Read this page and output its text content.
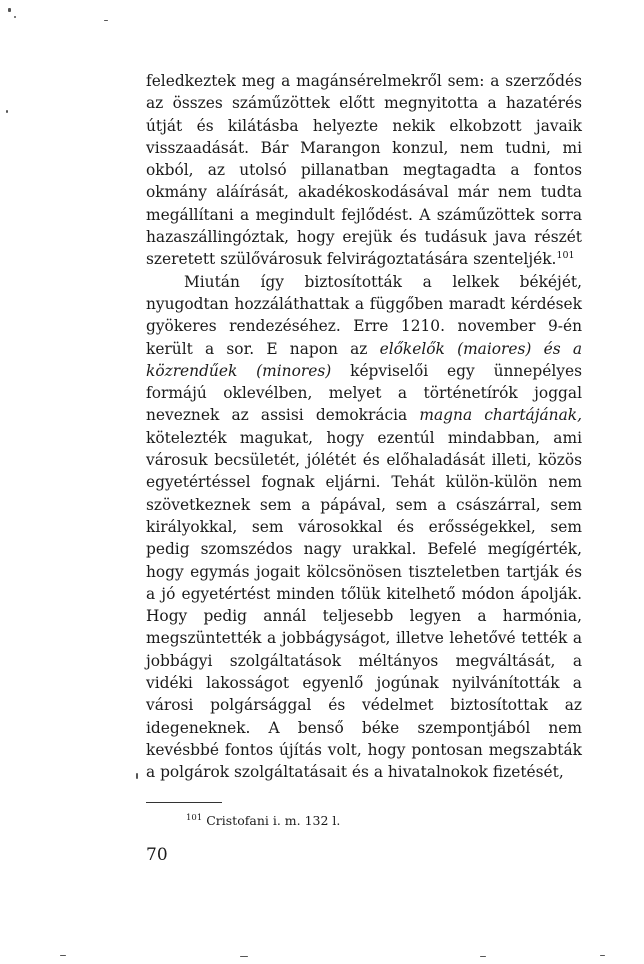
feledkeztek meg a magánsérelmekről sem: a szerződés az összes száműzöttek előtt megnyitotta a hazatérés útját és kilátásba helyezte nekik elkobzott javaik visszaadását. Bár Marangon konzul, nem tudni, mi okból, az utolsó pillanatban megtagadta a fontos okmány aláírását, akadékoskodásával már nem tudta megállítani a megindult fejlődést. A száműzöttek sorra hazaszállingóztak, hogy erejük és tudásuk java részét szeretett szülővárosuk felvirágoztatására szenteljék.$^{101}$

Miután így biztosították a lelkek békéjét, nyugodtan hozzáláthattak a függőben maradt kérdések gyökeres rendezéséhez. Erre 1210. november 9-én került a sor. E napon az előkelők (maiores) és a közrendűek (minores) képviselői egy ünnepélyes formájú oklevélben, melyet a történetírók joggal neveznek az assisi demokrácia magna chartájának, kötelezték magukat, hogy ezentúl mindabban, ami városuk becsületét, jólétét és előhaladását illeti, közös egyetértéssel fognak eljárni. Tehát külön-külön nem szövetkeznek sem a pápával, sem a császárral, sem királyokkal, sem városokkal és erősségekkel, sem pedig szomszédos nagy urakkal. Befelé megígérték, hogy egymás jogait kölcsönösen tiszteletben tartják és a jó egyetértést minden tőlük kitelhető módon ápolják. Hogy pedig annál teljesebb legyen a harmónia, megszüntették a jobbágyságot, illetve lehetővé tették a jobbágyi szolgáltatások méltányos megváltását, a vidéki lakosságot egyenlő jogúnak nyilvánították a városi polgársággal és védelmet biztosítottak az idegeneknek. A benső béke szempontjából nem kevésbbé fontos újítás volt, hogy pontosan megszabták a polgárok szolgáltatásait és a hivatalnokok fizetését,

$^{101}$ Cristofani i. m. 132 l.
70
